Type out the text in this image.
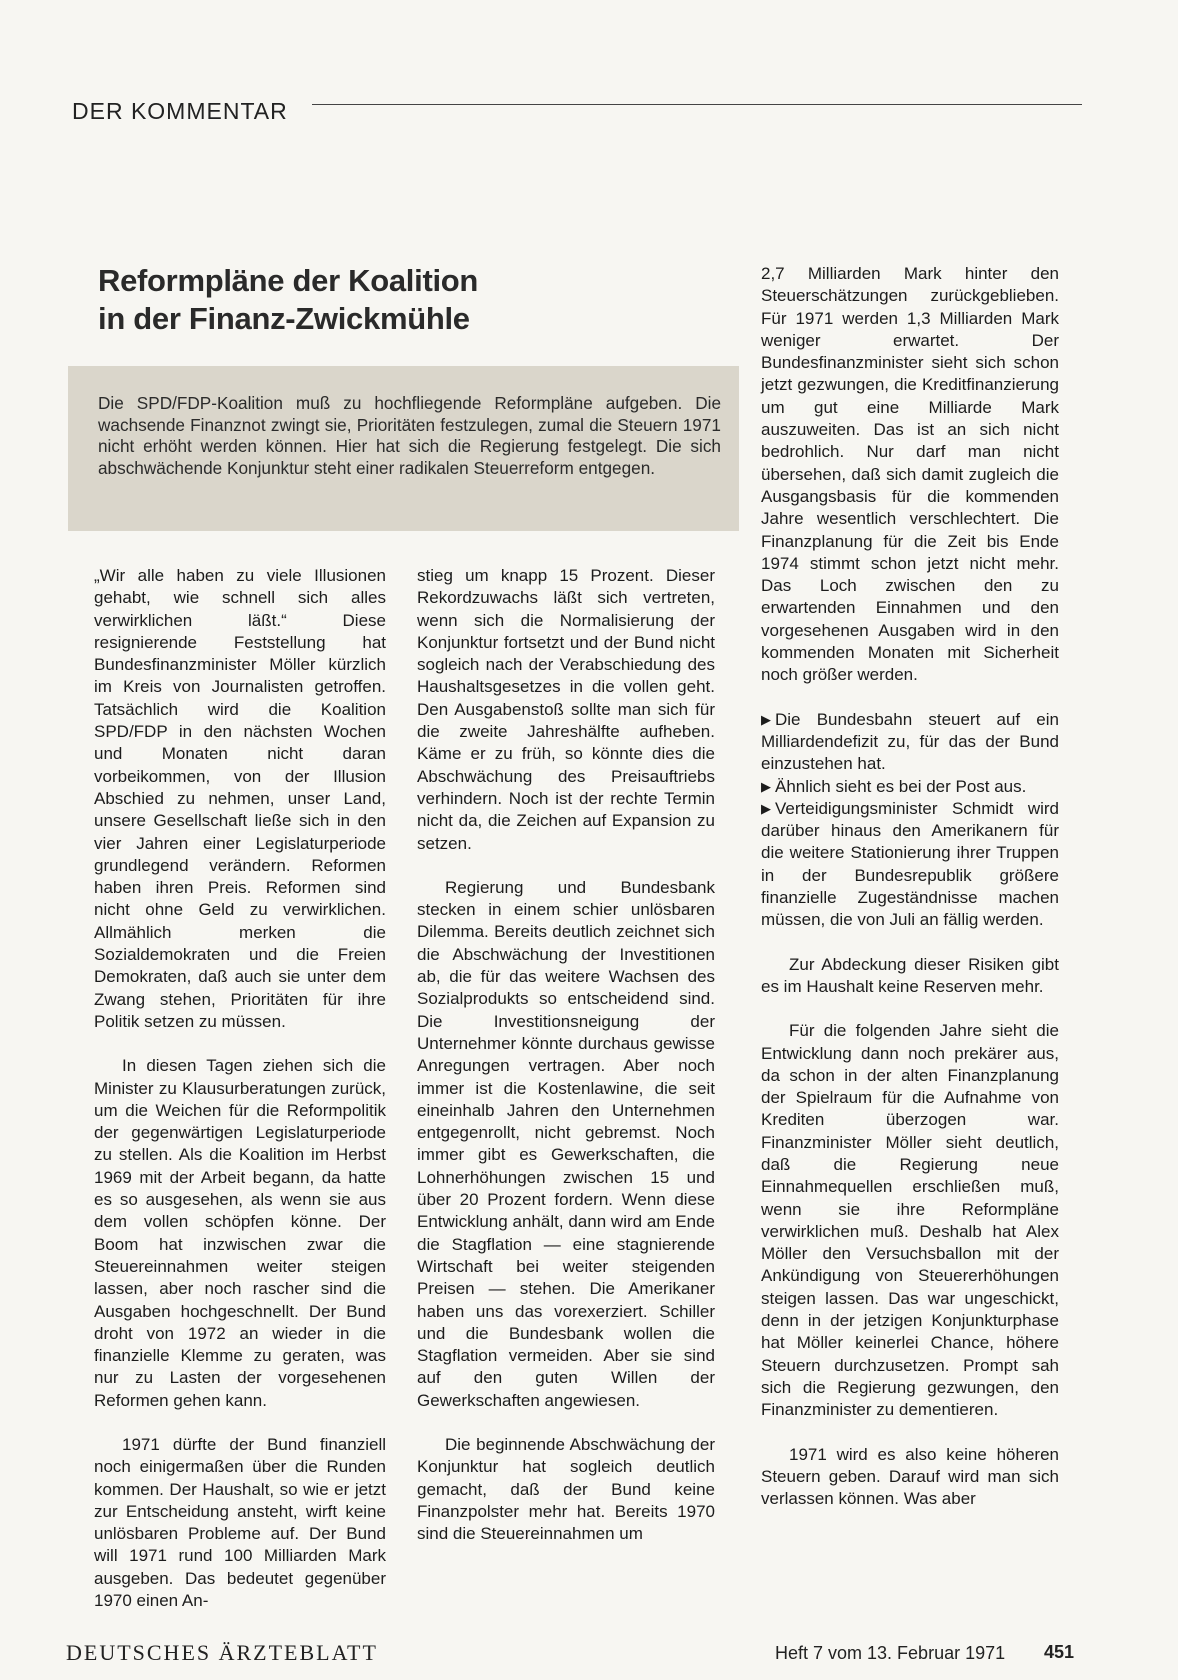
DER KOMMENTAR
Reformpläne der Koalition
in der Finanz-Zwickmühle
Die SPD/FDP-Koalition muß zu hochfliegende Reformpläne aufgeben. Die wachsende Finanznot zwingt sie, Prioritäten festzulegen, zumal die Steuern 1971 nicht erhöht werden können. Hier hat sich die Regierung festgelegt. Die sich abschwächende Konjunktur steht einer radikalen Steuerreform entgegen.

„Wir alle haben zu viele Illusionen gehabt, wie schnell sich alles verwirklichen läßt.“ Diese resignierende Feststellung hat Bundesfinanzminister Möller kürzlich im Kreis von Journalisten getroffen. Tatsächlich wird die Koalition SPD/FDP in den nächsten Wochen und Monaten nicht daran vorbeikommen, von der Illusion Abschied zu nehmen, unser Land, unsere Gesellschaft ließe sich in den vier Jahren einer Legislaturperiode grundlegend verändern. Reformen haben ihren Preis. Reformen sind nicht ohne Geld zu verwirklichen. Allmählich merken die Sozialdemokraten und die Freien Demokraten, daß auch sie unter dem Zwang stehen, Prioritäten für ihre Politik setzen zu müssen.

In diesen Tagen ziehen sich die Minister zu Klausurberatungen zurück, um die Weichen für die Reformpolitik der gegenwärtigen Legislaturperiode zu stellen. Als die Koalition im Herbst 1969 mit der Arbeit begann, da hatte es so ausgesehen, als wenn sie aus dem vollen schöpfen könne. Der Boom hat inzwischen zwar die Steuereinnahmen weiter steigen lassen, aber noch rascher sind die Ausgaben hochgeschnellt. Der Bund droht von 1972 an wieder in die finanzielle Klemme zu geraten, was nur zu Lasten der vorgesehenen Reformen gehen kann.

1971 dürfte der Bund finanziell noch einigermaßen über die Runden kommen. Der Haushalt, so wie er jetzt zur Entscheidung ansteht, wirft keine unlösbaren Probleme auf. Der Bund will 1971 rund 100 Milliarden Mark ausgeben. Das bedeutet gegenüber 1970 einen An-

stieg um knapp 15 Prozent. Dieser Rekordzuwachs läßt sich vertreten, wenn sich die Normalisierung der Konjunktur fortsetzt und der Bund nicht sogleich nach der Verabschiedung des Haushaltsgesetzes in die vollen geht. Den Ausgabenstoß sollte man sich für die zweite Jahreshälfte aufheben. Käme er zu früh, so könnte dies die Abschwächung des Preisauftriebs verhindern. Noch ist der rechte Termin nicht da, die Zeichen auf Expansion zu setzen.

Regierung und Bundesbank stecken in einem schier unlösbaren Dilemma. Bereits deutlich zeichnet sich die Abschwächung der Investitionen ab, die für das weitere Wachsen des Sozialprodukts so entscheidend sind. Die Investitionsneigung der Unternehmer könnte durchaus gewisse Anregungen vertragen. Aber noch immer ist die Kostenlawine, die seit eineinhalb Jahren den Unternehmen entgegenrollt, nicht gebremst. Noch immer gibt es Gewerkschaften, die Lohnerhöhungen zwischen 15 und über 20 Prozent fordern. Wenn diese Entwicklung anhält, dann wird am Ende die Stagflation — eine stagnierende Wirtschaft bei weiter steigenden Preisen — stehen. Die Amerikaner haben uns das vorexerziert. Schiller und die Bundesbank wollen die Stagflation vermeiden. Aber sie sind auf den guten Willen der Gewerkschaften angewiesen.

Die beginnende Abschwächung der Konjunktur hat sogleich deutlich gemacht, daß der Bund keine Finanzpolster mehr hat. Bereits 1970 sind die Steuereinnahmen um

2,7 Milliarden Mark hinter den Steuerschätzungen zurückgeblieben. Für 1971 werden 1,3 Milliarden Mark weniger erwartet. Der Bundesfinanzminister sieht sich schon jetzt gezwungen, die Kreditfinanzierung um gut eine Milliarde Mark auszuweiten. Das ist an sich nicht bedrohlich. Nur darf man nicht übersehen, daß sich damit zugleich die Ausgangsbasis für die kommenden Jahre wesentlich verschlechtert. Die Finanzplanung für die Zeit bis Ende 1974 stimmt schon jetzt nicht mehr. Das Loch zwischen den zu erwartenden Einnahmen und den vorgesehenen Ausgaben wird in den kommenden Monaten mit Sicherheit noch größer werden.

▶ Die Bundesbahn steuert auf ein Milliardendefizit zu, für das der Bund einzustehen hat.
▶ Ähnlich sieht es bei der Post aus.
▶ Verteidigungsminister Schmidt wird darüber hinaus den Amerikanern für die weitere Stationierung ihrer Truppen in der Bundesrepublik größere finanzielle Zugeständnisse machen müssen, die von Juli an fällig werden.

Zur Abdeckung dieser Risiken gibt es im Haushalt keine Reserven mehr.

Für die folgenden Jahre sieht die Entwicklung dann noch prekärer aus, da schon in der alten Finanzplanung der Spielraum für die Aufnahme von Krediten überzogen war. Finanzminister Möller sieht deutlich, daß die Regierung neue Einnahmequellen erschließen muß, wenn sie ihre Reformpläne verwirklichen muß. Deshalb hat Alex Möller den Versuchsballon mit der Ankündigung von Steuererhöhungen steigen lassen. Das war ungeschickt, denn in der jetzigen Konjunkturphase hat Möller keinerlei Chance, höhere Steuern durchzusetzen. Prompt sah sich die Regierung gezwungen, den Finanzminister zu dementieren.

1971 wird es also keine höheren Steuern geben. Darauf wird man sich verlassen können. Was aber

DEUTSCHES ÄRZTEBLATT	Heft 7 vom 13. Februar 1971 451
